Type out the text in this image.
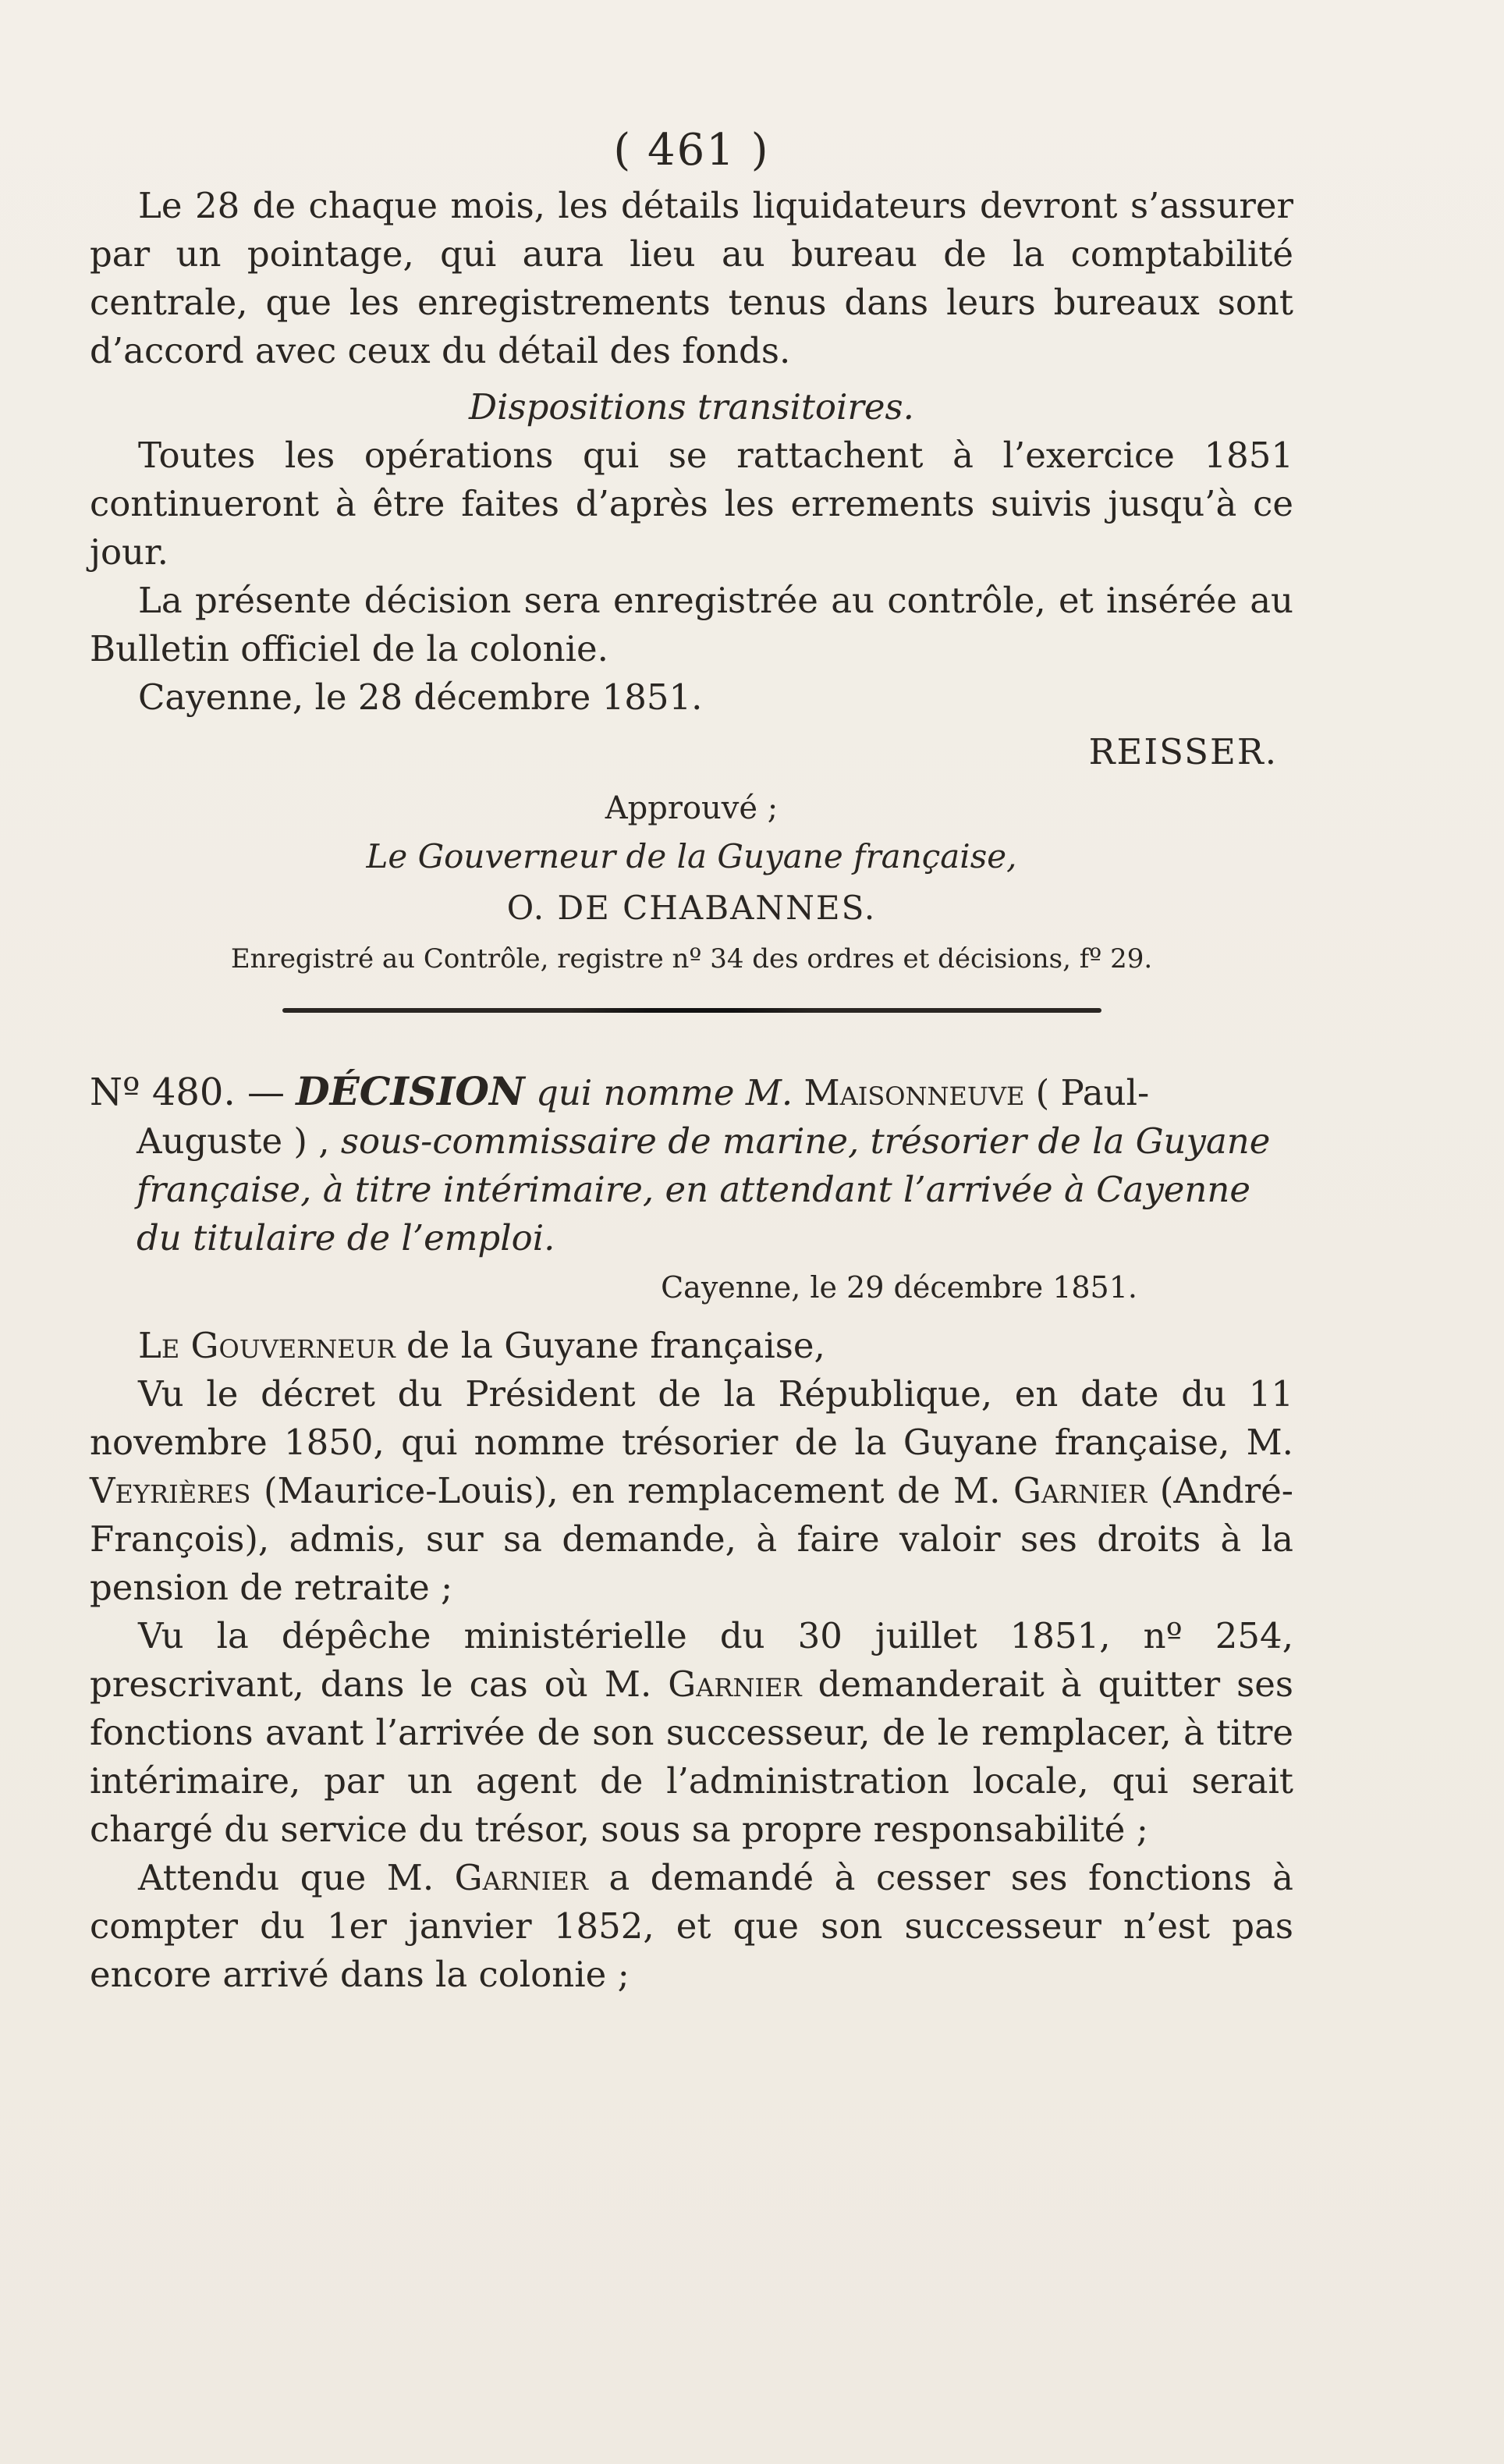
( 461 )

Le 28 de chaque mois, les détails liquidateurs devront s’assurer par un pointage, qui aura lieu au bureau de la comptabilité centrale, que les enregistrements tenus dans leurs bureaux sont d’accord avec ceux du détail des fonds.

Dispositions transitoires.

Toutes les opérations qui se rattachent à l’exercice 1851 continueront à être faites d’après les errements suivis jusqu’à ce jour.

La présente décision sera enregistrée au contrôle, et insérée au Bulletin officiel de la colonie.

Cayenne, le 28 décembre 1851.

REISSER.

Approuvé ;

Le Gouverneur de la Guyane française,

O. DE CHABANNES.

Enregistré au Contrôle, registre nº 34 des ordres et décisions, fº 29.

Nº 480. — DÉCISION qui nomme M. Maisonneuve ( Paul-Auguste ) , sous-commissaire de marine, trésorier de la Guyane française, à titre intérimaire, en attendant l’arrivée à Cayenne du titulaire de l’emploi.

Cayenne, le 29 décembre 1851.

Le Gouverneur de la Guyane française,

Vu le décret du Président de la République, en date du 11 novembre 1850, qui nomme trésorier de la Guyane française, M. Veyrières (Maurice-Louis), en remplacement de M. Garnier (André-François), admis, sur sa demande, à faire valoir ses droits à la pension de retraite ;

Vu la dépêche ministérielle du 30 juillet 1851, nº 254, prescrivant, dans le cas où M. Garnier demanderait à quitter ses fonctions avant l’arrivée de son successeur, de le remplacer, à titre intérimaire, par un agent de l’administration locale, qui serait chargé du service du trésor, sous sa propre responsabilité ;

Attendu que M. Garnier a demandé à cesser ses fonctions à compter du 1er janvier 1852, et que son successeur n’est pas encore arrivé dans la colonie ;
